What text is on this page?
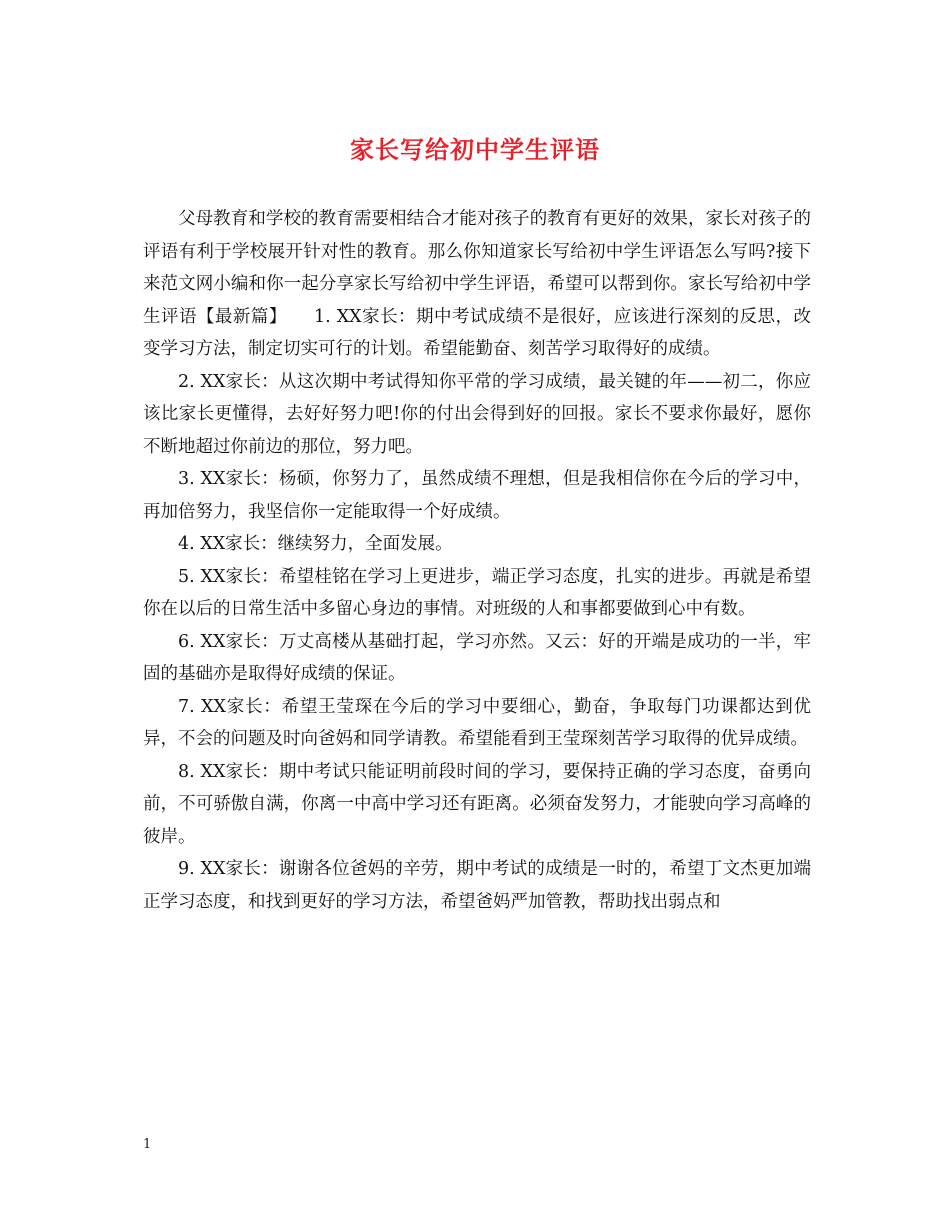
家长写给初中学生评语

父母教育和学校的教育需要相结合才能对孩子的教育有更好的效果，家长对孩子的评语有利于学校展开针对性的教育。那么你知道家长写给初中学生评语怎么写吗?接下来范文网小编和你一起分享家长写给初中学生评语，希望可以帮到你。家长写给初中学生评语【最新篇】　　1. XX家长：期中考试成绩不是很好，应该进行深刻的反思，改变学习方法，制定切实可行的计划。希望能勤奋、刻苦学习取得好的成绩。

2. XX家长：从这次期中考试得知你平常的学习成绩，最关键的年——初二，你应该比家长更懂得，去好好努力吧!你的付出会得到好的回报。家长不要求你最好，愿你不断地超过你前边的那位，努力吧。

3. XX家长：杨硕，你努力了，虽然成绩不理想，但是我相信你在今后的学习中，再加倍努力，我坚信你一定能取得一个好成绩。

4. XX家长：继续努力，全面发展。

5. XX家长：希望桂铭在学习上更进步，端正学习态度，扎实的进步。再就是希望你在以后的日常生活中多留心身边的事情。对班级的人和事都要做到心中有数。

6. XX家长：万丈高楼从基础打起，学习亦然。又云：好的开端是成功的一半，牢固的基础亦是取得好成绩的保证。

7. XX家长：希望王莹琛在今后的学习中要细心，勤奋，争取每门功课都达到优异，不会的问题及时向爸妈和同学请教。希望能看到王莹琛刻苦学习取得的优异成绩。

8. XX家长：期中考试只能证明前段时间的学习，要保持正确的学习态度，奋勇向前，不可骄傲自满，你离一中高中学习还有距离。必须奋发努力，才能驶向学习高峰的彼岸。

9. XX家长：谢谢各位爸妈的辛劳，期中考试的成绩是一时的，希望丁文杰更加端正学习态度，和找到更好的学习方法，希望爸妈严加管教，帮助找出弱点和

1
